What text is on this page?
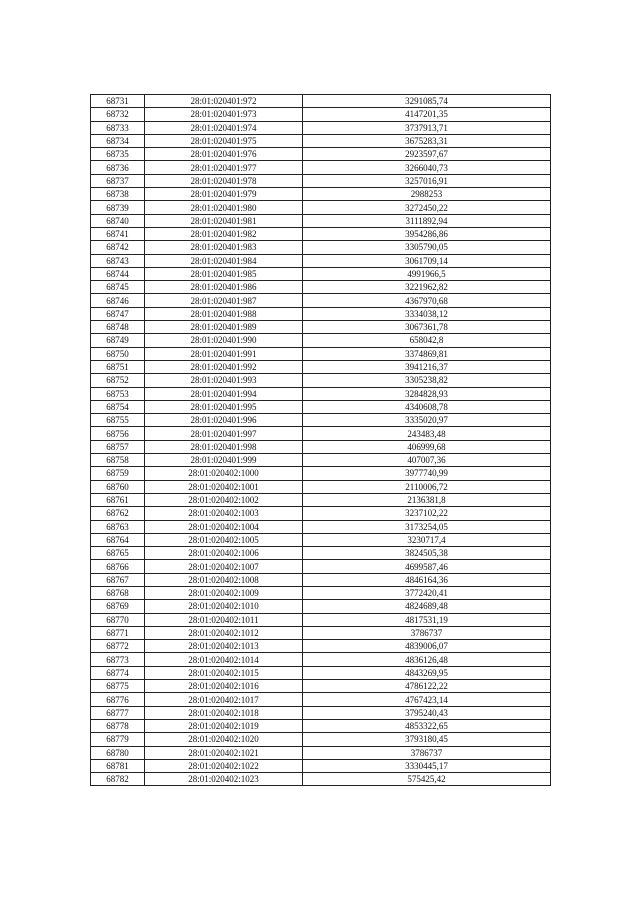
68731	28:01:020401:972	3291085,74
68732	28:01:020401:973	4147201,35
68733	28:01:020401:974	3737913,71
68734	28:01:020401:975	3675283,31
68735	28:01:020401:976	2923597,67
68736	28:01:020401:977	3266040,73
68737	28:01:020401:978	3257016,91
68738	28:01:020401:979	2988253
68739	28:01:020401:980	3272450,22
68740	28:01:020401:981	3111892,94
68741	28:01:020401:982	3954286,86
68742	28:01:020401:983	3305790,05
68743	28:01:020401:984	3061709,14
68744	28:01:020401:985	4991966,5
68745	28:01:020401:986	3221962,82
68746	28:01:020401:987	4367970,68
68747	28:01:020401:988	3334038,12
68748	28:01:020401:989	3067361,78
68749	28:01:020401:990	658042,8
68750	28:01:020401:991	3374869,81
68751	28:01:020401:992	3941216,37
68752	28:01:020401:993	3305238,82
68753	28:01:020401:994	3284828,93
68754	28:01:020401:995	4340608,78
68755	28:01:020401:996	3335020,97
68756	28:01:020401:997	243483,48
68757	28:01:020401:998	406999,68
68758	28:01:020401:999	407007,36
68759	28:01:020402:1000	3977740,99
68760	28:01:020402:1001	2110006,72
68761	28:01:020402:1002	2136381,8
68762	28:01:020402:1003	3237102,22
68763	28:01:020402:1004	3173254,05
68764	28:01:020402:1005	3230717,4
68765	28:01:020402:1006	3824505,38
68766	28:01:020402:1007	4699587,46
68767	28:01:020402:1008	4846164,36
68768	28:01:020402:1009	3772420,41
68769	28:01:020402:1010	4824689,48
68770	28:01:020402:1011	4817531,19
68771	28:01:020402:1012	3786737
68772	28:01:020402:1013	4839006,07
68773	28:01:020402:1014	4836126,48
68774	28:01:020402:1015	4843269,95
68775	28:01:020402:1016	4786122,22
68776	28:01:020402:1017	4767423,14
68777	28:01:020402:1018	3795240,43
68778	28:01:020402:1019	4853322,65
68779	28:01:020402:1020	3793180,45
68780	28:01:020402:1021	3786737
68781	28:01:020402:1022	3330445,17
68782	28:01:020402:1023	575425,42
